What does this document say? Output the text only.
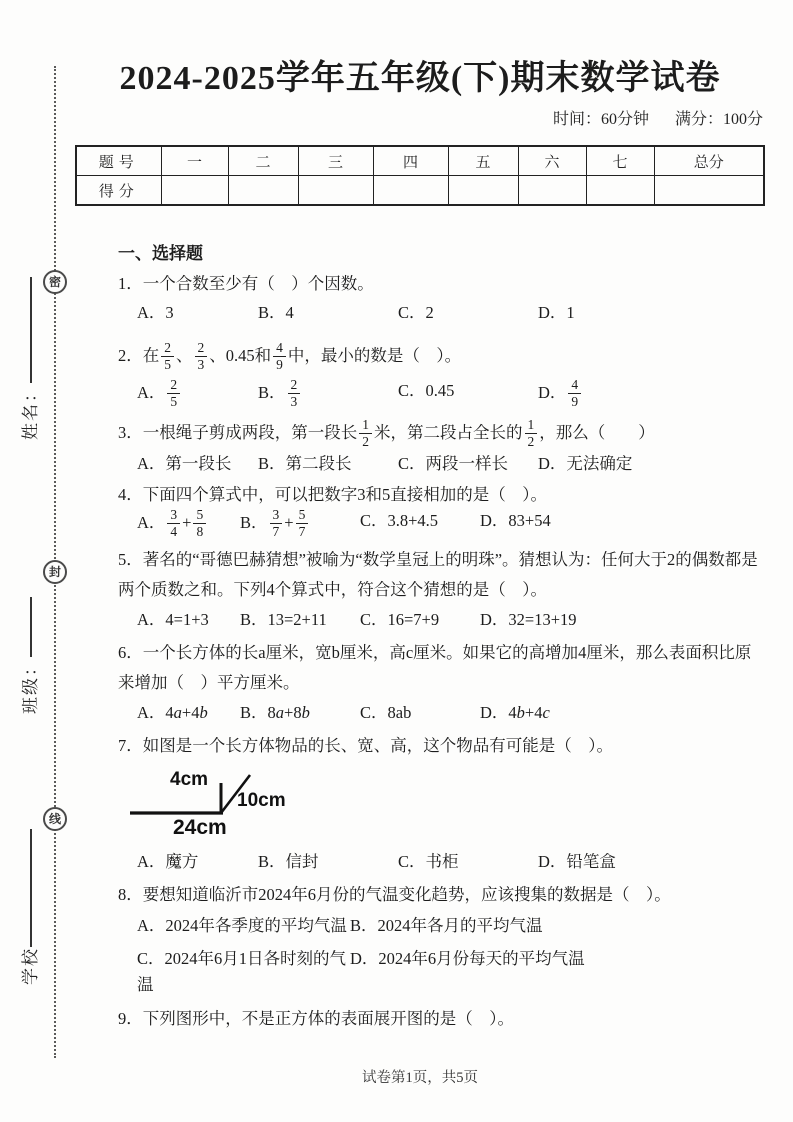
密
封
线
姓名：
班级：
学校
2024-2025学年五年级(下)期末数学试卷
时间：60分钟 满分：100分
题号	一	二	三	四	五	六	七	总分
得分								
一、选择题
1．一个合数至少有（　）个因数。
A．3	B．4	C．2	D．1
2．在 $\frac{2}{5}$ 、 $\frac{2}{3}$ 、0.45和 $\frac{4}{9}$ 中，最小的数是（　）。
A． $\frac{2}{5}$	B． $\frac{2}{3}$	C．0.45	D． $\frac{4}{9}$
3．一根绳子剪成两段，第一段长 $\frac{1}{2}$ 米，第二段占全长的 $\frac{1}{2}$ ，那么（　　）
A．第一段长	B．第二段长	C．两段一样长	D．无法确定
4．下面四个算式中，可以把数字3和5直接相加的是（　）。
A． $\frac{3}{4} + \frac{5}{8}$ B． $\frac{3}{7} + \frac{5}{7}$	C．3.8+4.5	D．83+54
5．著名的“哥德巴赫猜想”被喻为“数学皇冠上的明珠”。猜想认为：任何大于2的偶数都是两个质数之和。下列4个算式中，符合这个猜想的是（　）。
A．4=1+3	B．13=2+11	C．16=7+9	D．32=13+19
6．一个长方体的长a厘米，宽b厘米，高c厘米。如果它的高增加4厘米，那么表面积比原来增加（　）平方厘米。
A．4a+4b	B．8a+8b	C．8ab	D．4b+4c
7．如图是一个长方体物品的长、宽、高，这个物品有可能是（　）。
4cm
24cm
10cm
A．魔方	B．信封	C．书柜	D．铅笔盒
8．要想知道临沂市2024年6月份的气温变化趋势，应该搜集的数据是（　）。
A．2024年各季度的平均气温 B．2024年各月的平均气温
C．2024年6月1日各时刻的气温
D．2024年6月份每天的平均气温
9．下列图形中，不是正方体的表面展开图的是（　）。
试卷第1页，共5页
